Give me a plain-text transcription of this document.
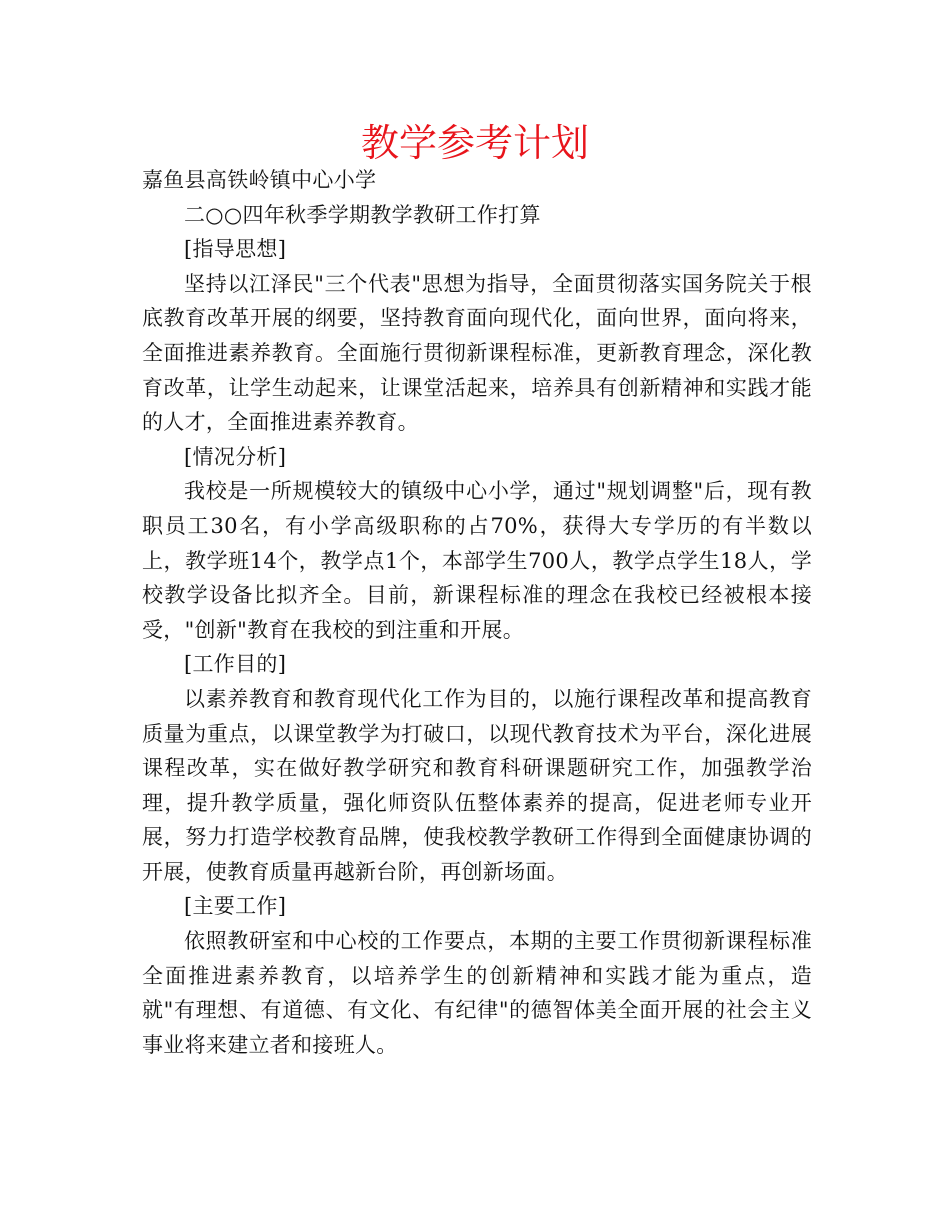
教学参考计划

嘉鱼县高铁岭镇中心小学

二○○四年秋季学期教学教研工作打算

[指导思想]

坚持以江泽民"三个代表"思想为指导，全面贯彻落实国务院关于根底教育改革开展的纲要，坚持教育面向现代化，面向世界，面向将来，全面推进素养教育。全面施行贯彻新课程标准，更新教育理念，深化教育改革，让学生动起来，让课堂活起来，培养具有创新精神和实践才能的人才，全面推进素养教育。

[情况分析]

我校是一所规模较大的镇级中心小学，通过"规划调整"后，现有教职员工30名，有小学高级职称的占70%，获得大专学历的有半数以上，教学班14个，教学点1个，本部学生700人，教学点学生18人，学校教学设备比拟齐全。目前，新课程标准的理念在我校已经被根本接受，"创新"教育在我校的到注重和开展。

[工作目的]

以素养教育和教育现代化工作为目的，以施行课程改革和提高教育质量为重点，以课堂教学为打破口，以现代教育技术为平台，深化进展课程改革，实在做好教学研究和教育科研课题研究工作，加强教学治理，提升教学质量，强化师资队伍整体素养的提高，促进老师专业开展，努力打造学校教育品牌，使我校教学教研工作得到全面健康协调的开展，使教育质量再越新台阶，再创新场面。

[主要工作]

依照教研室和中心校的工作要点，本期的主要工作贯彻新课程标准全面推进素养教育，以培养学生的创新精神和实践才能为重点，造就"有理想、有道德、有文化、有纪律"的德智体美全面开展的社会主义事业将来建立者和接班人。
